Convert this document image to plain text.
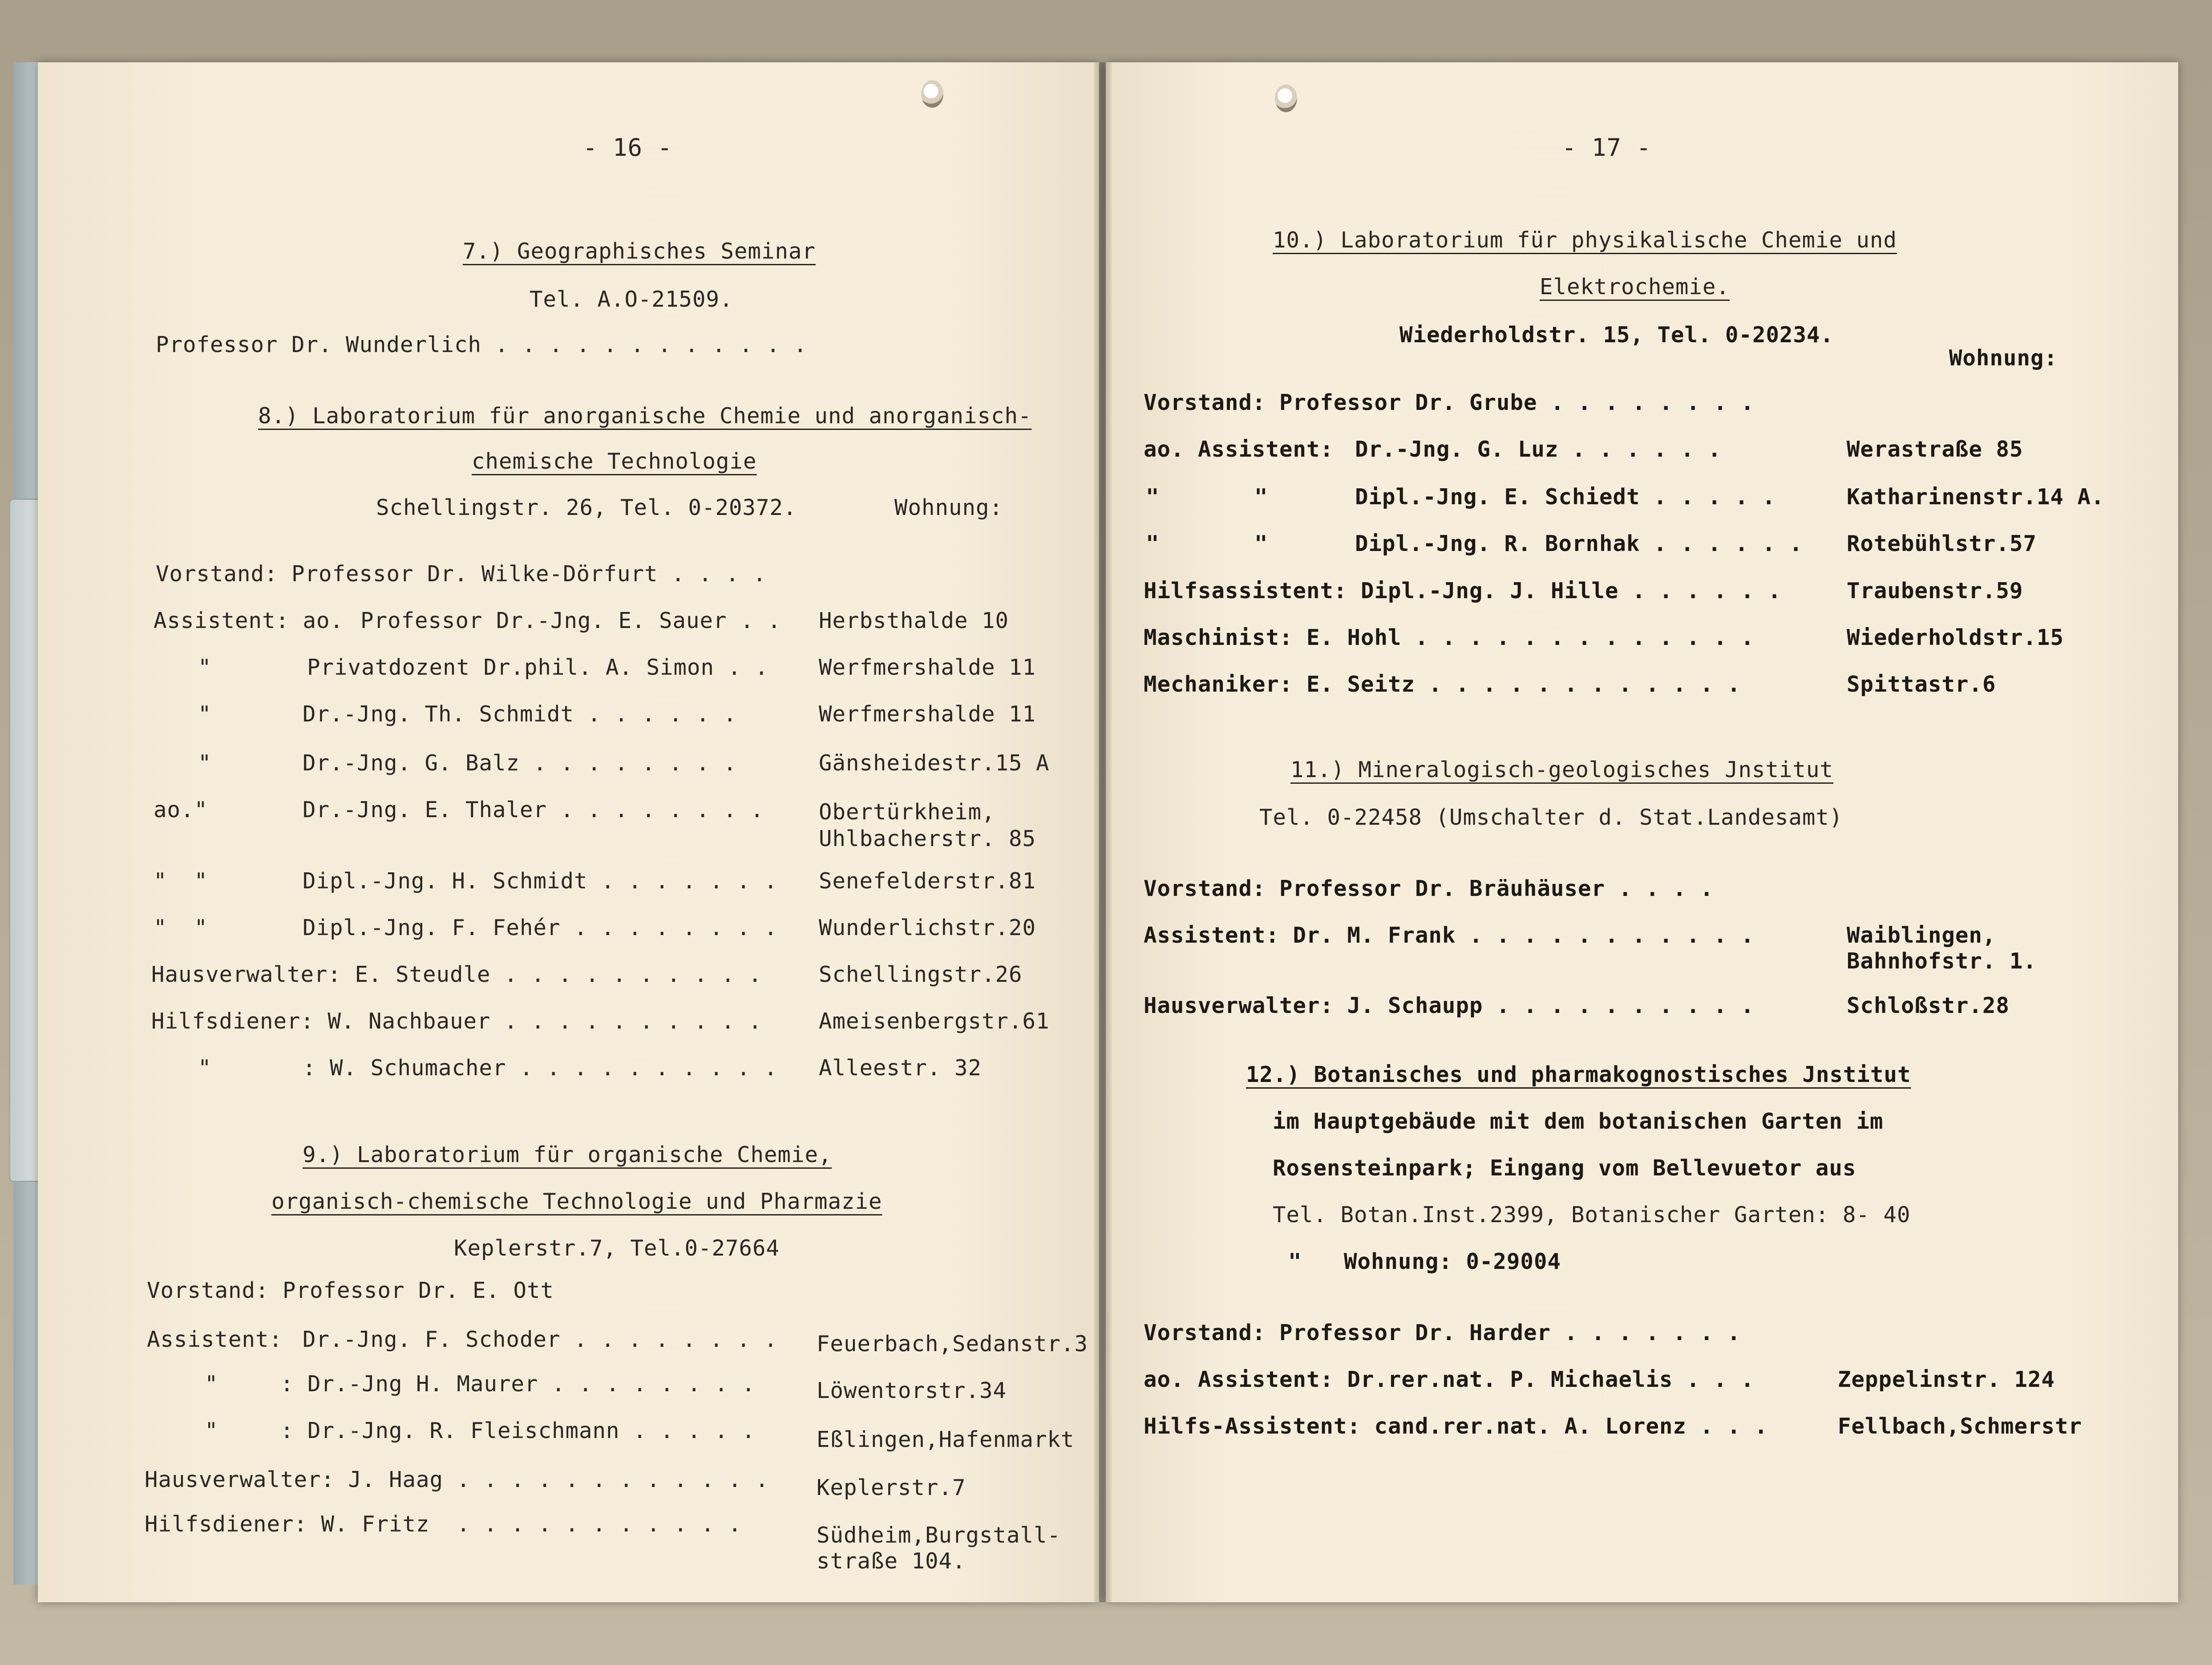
- 16 -
7.) Geographisches Seminar
Tel. A.O-21509.
Professor Dr. Wunderlich . . . . . . . . . . . .
8.) Laboratorium für anorganische Chemie und anorganisch-
chemische Technologie
Schellingstr. 26, Tel. 0-20372.	Wohnung:
Vorstand: Professor Dr. Wilke-Dörfurt . . . .
Assistent: ao. Professor Dr.-Jng. E. Sauer . . Herbsthalde 10
"	Privatdozent Dr.phil. A. Simon . . Werfmershalde 11
"	Dr.-Jng. Th. Schmidt . . . . . .	Werfmershalde 11
"	Dr.-Jng. G. Balz . . . . . . . .	Gänsheidestr.15 A
ao."	Dr.-Jng. E. Thaler . . . . . . . .	Obertürkheim,
Uhlbacherstr. 85
"  "	Dipl.-Jng. H. Schmidt . . . . . . . Senefelderstr.81
"  "	Dipl.-Jng. F. Fehér . . . . . . . . Wunderlichstr.20
Hausverwalter: E. Steudle . . . . . . . . . .	Schellingstr.26
Hilfsdiener: W. Nachbauer . . . . . . . . . .	Ameisenbergstr.61
"	: W. Schumacher . . . . . . . . . . Alleestr. 32
9.) Laboratorium für organische Chemie,
organisch-chemische Technologie und Pharmazie
Keplerstr.7, Tel.0-27664
Vorstand: Professor Dr. E. Ott
Assistent: Dr.-Jng. F. Schoder . . . . . . . . Feuerbach,Sedanstr.3
"	: Dr.-Jng H. Maurer . . . . . . . .	Löwentorstr.34
"	: Dr.-Jng. R. Fleischmann . . . . .	Eßlingen,Hafenmarkt
Hausverwalter: J. Haag . . . . . . . . . . . . Keplerstr.7
Hilfsdiener: W. Fritz  . . . . . . . . . . .	Südheim,Burgstall-
straße 104.
- 17 -
10.) Laboratorium für physikalische Chemie und
Elektrochemie.
Wiederholdstr. 15, Tel. 0-20234.
Wohnung:
Vorstand: Professor Dr. Grube . . . . . . . .
ao. Assistent: Dr.-Jng. G. Luz . . . . . .	Werastraße 85
"       "	Dipl.-Jng. E. Schiedt . . . . .	Katharinenstr.14 A.
"       "	Dipl.-Jng. R. Bornhak . . . . . . Rotebühlstr.57
Hilfsassistent: Dipl.-Jng. J. Hille . . . . . .	Traubenstr.59
Maschinist: E. Hohl . . . . . . . . . . . . .	Wiederholdstr.15
Mechaniker: E. Seitz . . . . . . . . . . . .	Spittastr.6
11.) Mineralogisch-geologisches Jnstitut
Tel. 0-22458 (Umschalter d. Stat.Landesamt)
Vorstand: Professor Dr. Bräuhäuser . . . .
Assistent: Dr. M. Frank . . . . . . . . . . .	Waiblingen,
Bahnhofstr. 1.
Hausverwalter: J. Schaupp . . . . . . . . . .	Schloßstr.28
12.) Botanisches und pharmakognostisches Jnstitut
im Hauptgebäude mit dem botanischen Garten im
Rosensteinpark; Eingang vom Bellevuetor aus
Tel. Botan.Inst.2399, Botanischer Garten: 8- 40
" Wohnung: 0-29004
Vorstand: Professor Dr. Harder . . . . . . .
ao. Assistent: Dr.rer.nat. P. Michaelis . . .	Zeppelinstr. 124
Hilfs-Assistent: cand.rer.nat. A. Lorenz . . .	Fellbach,Schmerstr
